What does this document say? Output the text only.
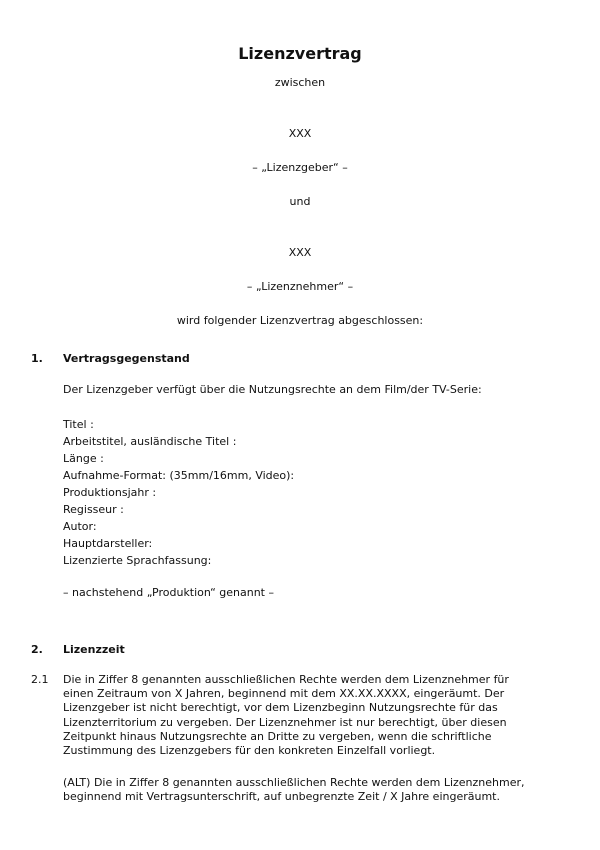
Lizenzvertrag
zwischen
XXX
– „Lizenzgeber“ –
und
XXX
– „Lizenznehmer“ –
wird folgender Lizenzvertrag abgeschlossen:
1. Vertragsgegenstand
Der Lizenzgeber verfügt über die Nutzungsrechte an dem Film/der TV-Serie:
Titel :
Arbeitstitel, ausländische Titel :
Länge :
Aufnahme-Format: (35mm/16mm, Video):
Produktionsjahr :
Regisseur :
Autor:
Hauptdarsteller:
Lizenzierte Sprachfassung:
– nachstehend „Produktion“ genannt –
2. Lizenzzeit
2.1 Die in Ziffer 8 genannten ausschließlichen Rechte werden dem Lizenznehmer für
einen Zeitraum von X Jahren, beginnend mit dem XX.XX.XXXX, eingeräumt. Der
Lizenzgeber ist nicht berechtigt, vor dem Lizenzbeginn Nutzungsrechte für das
Lizenzterritorium zu vergeben. Der Lizenznehmer ist nur berechtigt, über diesen
Zeitpunkt hinaus Nutzungsrechte an Dritte zu vergeben, wenn die schriftliche
Zustimmung des Lizenzgebers für den konkreten Einzelfall vorliegt.
(ALT) Die in Ziffer 8 genannten ausschließlichen Rechte werden dem Lizenznehmer,
beginnend mit Vertragsunterschrift, auf unbegrenzte Zeit / X Jahre eingeräumt.
